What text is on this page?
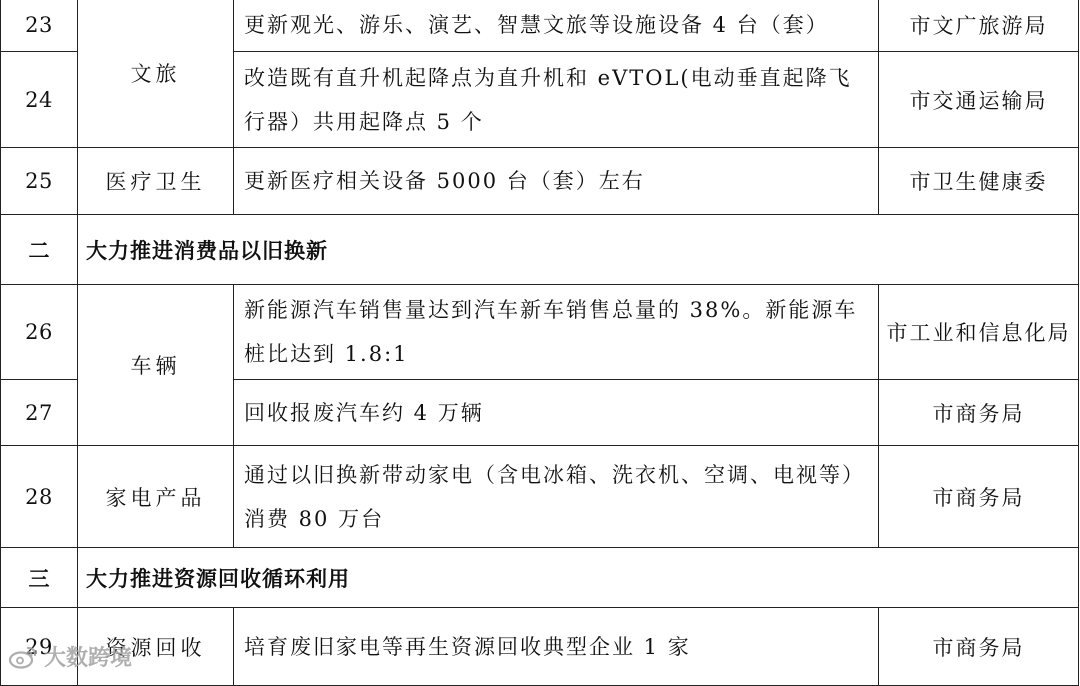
23	文旅	更新观光、游乐、演艺、智慧文旅等设施设备 4 台（套）	市文广旅游局
24		改造既有直升机起降点为直升机和 eVTOL(电动垂直起降飞行器）共用起降点 5 个	市交通运输局
25	医疗卫生	更新医疗相关设备 5000 台（套）左右	市卫生健康委
二	大力推进消费品以旧换新		
26	车辆	新能源汽车销售量达到汽车新车销售总量的 38%。新能源车桩比达到 1.8:1	市工业和信息化局
27		回收报废汽车约 4 万辆	市商务局
28	家电产品	通过以旧换新带动家电（含电冰箱、洗衣机、空调、电视等）消费 80 万台	市商务局
三	大力推进资源回收循环利用		
29	资源回收	培育废旧家电等再生资源回收典型企业 1 家	市商务局
大数跨境
